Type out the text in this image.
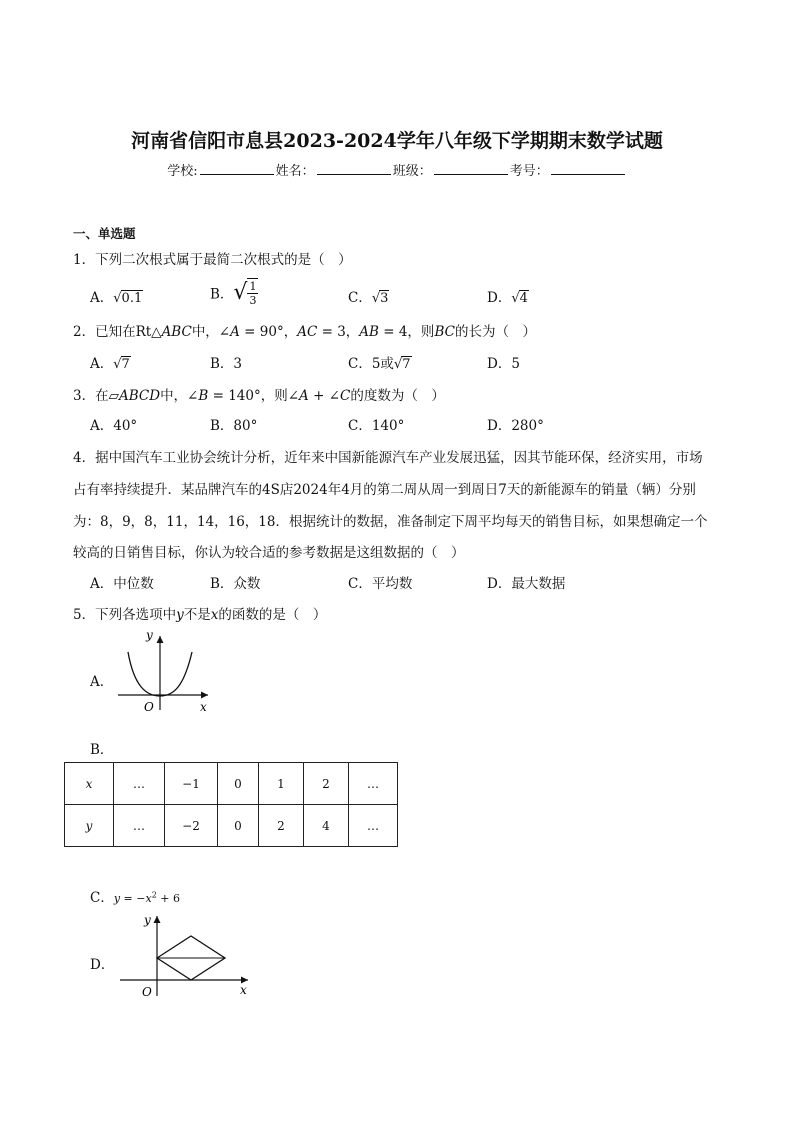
河南省信阳市息县2023-2024学年八年级下学期期末数学试题
学校:	姓名：	班级：	考号：
一、单选题
1．下列二次根式属于最简二次根式的是（　）
A．√0.1	B．√ $\frac{1}{3}$	C．√3	D．√4
2．已知在Rt△ABC中，∠A = 90°，AC = 3，AB = 4，则BC的长为（　）
A．√7	B．3	C．5或√7	D．5
3．在▱ABCD中，∠B = 140°，则∠A + ∠C的度数为（　）
A．40°	B．80°	C．140°	D．280°
4．据中国汽车工业协会统计分析，近年来中国新能源汽车产业发展迅猛，因其节能环保，经济实用，市场
占有率持续提升．某品牌汽车的4S店2024年4月的第二周从周一到周日7天的新能源车的销量（辆）分别
为：8，9，8，11，14，16，18．根据统计的数据，准备制定下周平均每天的销售目标，如果想确定一个
较高的日销售目标，你认为较合适的参考数据是这组数据的（　）
A．中位数	B．众数	C．平均数	D．最大数据
5．下列各选项中y不是x的函数的是（　）
A．
y
x
O
B．
x	…	−1	0	1	2	…
y	…	−2	0	2	4	…
C．$y = -x^2 + 6$
D．
y
x
O
